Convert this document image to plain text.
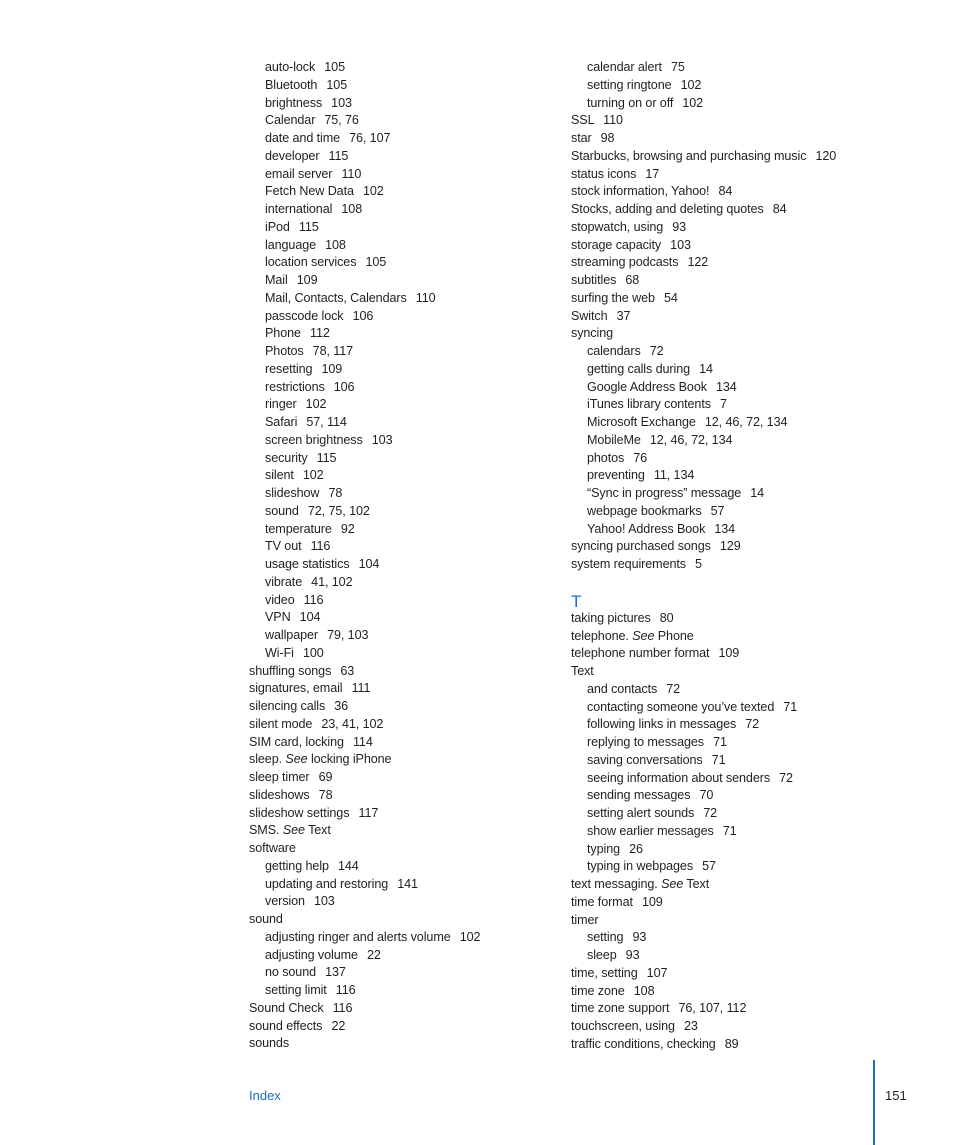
auto-lock 105
Bluetooth 105
brightness 103
Calendar 75, 76
date and time 76, 107
developer 115
email server 110
Fetch New Data 102
international 108
iPod 115
language 108
location services 105
Mail 109
Mail, Contacts, Calendars 110
passcode lock 106
Phone 112
Photos 78, 117
resetting 109
restrictions 106
ringer 102
Safari 57, 114
screen brightness 103
security 115
silent 102
slideshow 78
sound 72, 75, 102
temperature 92
TV out 116
usage statistics 104
vibrate 41, 102
video 116
VPN 104
wallpaper 79, 103
Wi-Fi 100
shuffling songs 63
signatures, email 111
silencing calls 36
silent mode 23, 41, 102
SIM card, locking 114
sleep. See locking iPhone
sleep timer 69
slideshows 78
slideshow settings 117
SMS. See Text
software
getting help 144
updating and restoring 141
version 103
sound
adjusting ringer and alerts volume 102
adjusting volume 22
no sound 137
setting limit 116
Sound Check 116
sound effects 22
sounds
calendar alert 75
setting ringtone 102
turning on or off 102
SSL 110
star 98
Starbucks, browsing and purchasing music 120
status icons 17
stock information, Yahoo! 84
Stocks, adding and deleting quotes 84
stopwatch, using 93
storage capacity 103
streaming podcasts 122
subtitles 68
surfing the web 54
Switch 37
syncing
calendars 72
getting calls during 14
Google Address Book 134
iTunes library contents 7
Microsoft Exchange 12, 46, 72, 134
MobileMe 12, 46, 72, 134
photos 76
preventing 11, 134
“Sync in progress” message 14
webpage bookmarks 57
Yahoo! Address Book 134
syncing purchased songs 129
system requirements 5
T
taking pictures 80
telephone. See Phone
telephone number format 109
Text
and contacts 72
contacting someone you’ve texted 71
following links in messages 72
replying to messages 71
saving conversations 71
seeing information about senders 72
sending messages 70
setting alert sounds 72
show earlier messages 71
typing 26
typing in webpages 57
text messaging. See Text
time format 109
timer
setting 93
sleep 93
time, setting 107
time zone 108
time zone support 76, 107, 112
touchscreen, using 23
traffic conditions, checking 89
Index	151
